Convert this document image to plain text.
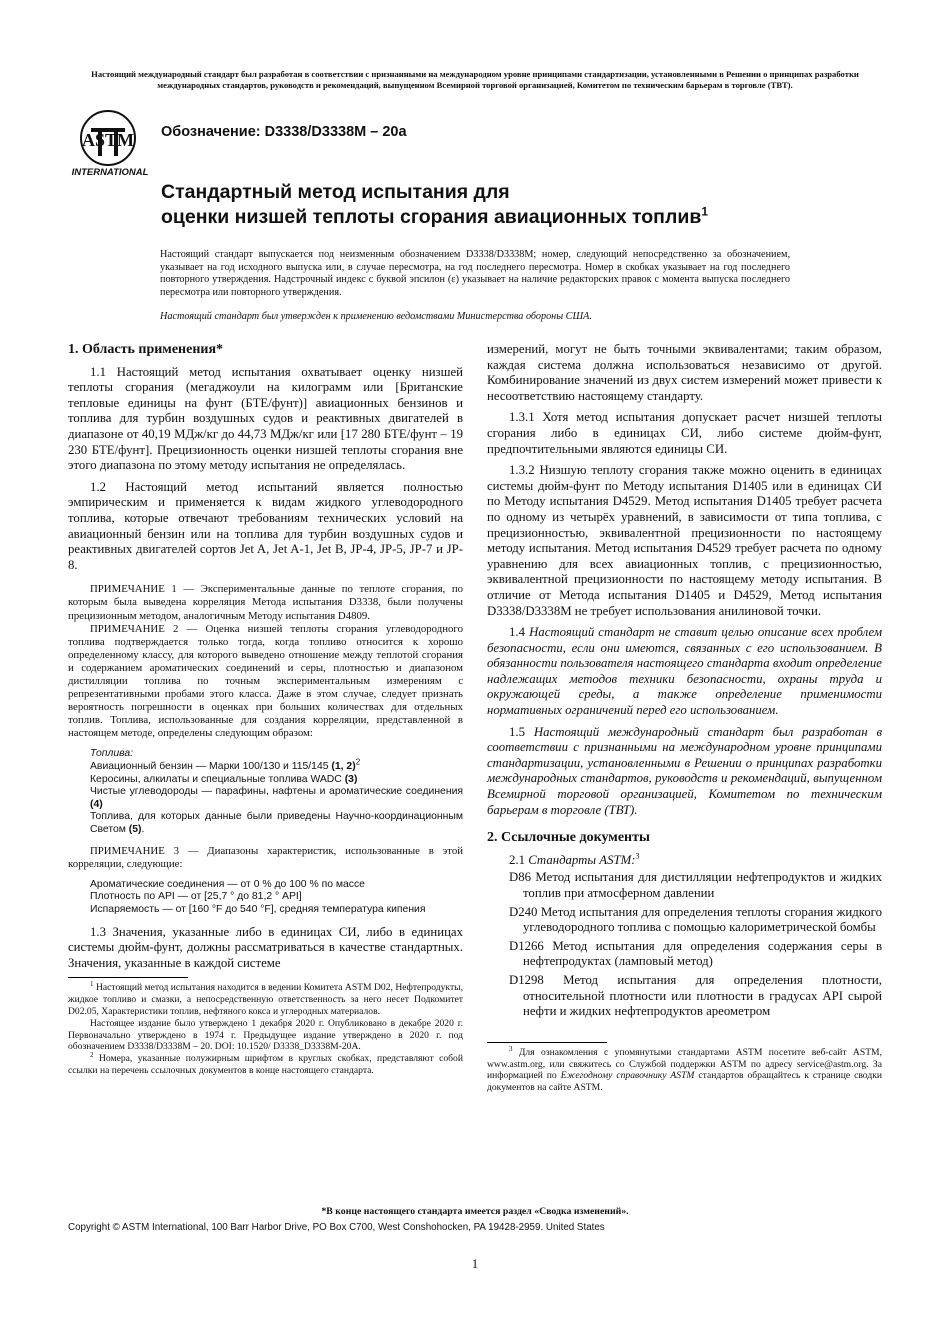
Настоящий международный стандарт был разработан в соответствии с признанными на международном уровне принципами стандартизации, установленными в Решении о принципах разработки международных стандартов, руководств и рекомендаций, выпущенном Всемирной торговой организацией, Комитетом по техническим барьерам в торговле (ТВТ).
ASTM
INTERNATIONAL
Обозначение: D3338/D3338M – 20a
Стандартный метод испытания для
оценки низшей теплоты сгорания авиационных топлив$^1$
Настоящий стандарт выпускается под неизменным обозначением D3338/D3338M; номер, следующий непосредственно за обозначением, указывает на год исходного выпуска или, в случае пересмотра, на год последнего пересмотра. Номер в скобках указывает на год последнего повторного утверждения. Надстрочный индекс с буквой эпсилон (ε) указывает на наличие редакторских правок с момента выпуска последнего пересмотра или повторного утверждения.
Настоящий стандарт был утвержден к применению ведомствами Министерства обороны США.
1. Область применения*
1.1 Настоящий метод испытания охватывает оценку низшей теплоты сгорания (мегаджоули на килограмм или [Британские тепловые единицы на фунт (БТЕ/фунт)] авиационных бензинов и топлива для турбин воздушных судов и реактивных двигателей в диапазоне от 40,19 МДж/кг до 44,73 МДж/кг или [17 280 БТЕ/фунт – 19 230 БТЕ/фунт]. Прецизионность оценки низшей теплоты сгорания вне этого диапазона по этому методу испытания не определялась.
1.2 Настоящий метод испытаний является полностью эмпирическим и применяется к видам жидкого углеводородного топлива, которые отвечают требованиям технических условий на авиационный бензин или на топлива для турбин воздушных судов и реактивных двигателей сортов Jet A, Jet A-1, Jet B, JP-4, JP-5, JP-7 и JP-8.
ПРИМЕЧАНИЕ 1 — Экспериментальные данные по теплоте сгорания, по которым была выведена корреляция Метода испытания D3338, были получены прецизионным методом, аналогичным Методу испытания D4809.
ПРИМЕЧАНИЕ 2 — Оценка низшей теплоты сгорания углеводородного топлива подтверждается только тогда, когда топливо относится к хорошо определенному классу, для которого выведено отношение между теплотой сгорания и содержанием ароматических соединений и серы, плотностью и диапазоном дистилляции топлива по точным экспериментальным измерениям с репрезентативными пробами этого класса. Даже в этом случае, следует признать вероятность погрешности в оценках при больших количествах для отдельных топлив. Топлива, использованные для создания корреляции, представленной в настоящем методе, определены следующим образом:
Топлива:
Авиационный бензин — Марки 100/130 и 115/145 (1, 2)$^2$
Керосины, алкилаты и специальные топлива WADC (3)
Чистые углеводороды — парафины, нафтены и ароматические соединения (4)
Топлива, для которых данные были приведены Научно-координационным Светом (5).
ПРИМЕЧАНИЕ 3 — Диапазоны характеристик, использованные в этой корреляции, следующие:
Ароматические соединения — от 0 % до 100 % по массе
Плотность по API — от [25,7 ° до 81,2 ° API]
Испаряемость — от [160 °F до 540 °F], средняя температура кипения
1.3 Значения, указанные либо в единицах СИ, либо в единицах системы дюйм-фунт, должны рассматриваться в качестве стандартных. Значения, указанные в каждой системе
$^1$ Настоящий метод испытания находится в ведении Комитета ASTM D02, Нефтепродукты, жидкое топливо и смазки, а непосредственную ответственность за него несет Подкомитет D02.05, Характеристики топлив, нефтяного кокса и углеродных материалов.
Настоящее издание было утверждено 1 декабря 2020 г. Опубликовано в декабре 2020 г. Первоначально утверждено в 1974 г. Предыдущее издание утверждено в 2020 г. под обозначением D3338/D3338M – 20. DOI: 10.1520/ D3338_D3338M-20A.
$^2$ Номера, указанные полужирным шрифтом в круглых скобках, представляют собой ссылки на перечень ссылочных документов в конце настоящего стандарта.
измерений, могут не быть точными эквивалентами; таким образом, каждая система должна использоваться независимо от другой. Комбинирование значений из двух систем измерений может привести к несоответствию настоящему стандарту.
1.3.1 Хотя метод испытания допускает расчет низшей теплоты сгорания либо в единицах СИ, либо системе дюйм-фунт, предпочтительными являются единицы СИ.
1.3.2 Низшую теплоту сгорания также можно оценить в единицах системы дюйм-фунт по Методу испытания D1405 или в единицах СИ по Методу испытания D4529. Метод испытания D1405 требует расчета по одному из четырёх уравнений, в зависимости от типа топлива, с прецизионностью, эквивалентной прецизионности по настоящему методу испытания. Метод испытания D4529 требует расчета по одному уравнению для всех авиационных топлив, с прецизионностью, эквивалентной прецизионности по настоящему методу испытания. В отличие от Метода испытания D1405 и D4529, Метод испытания D3338/D3338M не требует использования анилиновой точки.
1.4 Настоящий стандарт не ставит целью описание всех проблем безопасности, если они имеются, связанных с его использованием. В обязанности пользователя настоящего стандарта входит определение надлежащих методов техники безопасности, охраны труда и окружающей среды, а также определение применимости нормативных ограничений перед его использованием.
1.5 Настоящий международный стандарт был разработан в соответствии с признанными на международном уровне принципами стандартизации, установленными в Решении о принципах разработки международных стандартов, руководств и рекомендаций, выпущенном Всемирной торговой организацией, Комитетом по техническим барьерам в торговле (ТВТ).
2. Ссылочные документы
2.1 Стандарты ASTM:$^3$
D86 Метод испытания для дистилляции нефтепродуктов и жидких топлив при атмосферном давлении
D240 Метод испытания для определения теплоты сгорания жидкого углеводородного топлива с помощью калориметрической бомбы
D1266 Метод испытания для определения содержания серы в нефтепродуктах (ламповый метод)
D1298 Метод испытания для определения плотности, относительной плотности или плотности в градусах API сырой нефти и жидких нефтепродуктов ареометром
$^3$ Для ознакомления с упомянутыми стандартами ASTM посетите веб-сайт ASTM, www.astm.org, или свяжитесь со Службой поддержки ASTM по адресу service@astm.org. За информацией по Ежегодному справочнику ASTM стандартов обращайтесь к странице сводки документов на сайте ASTM.
*В конце настоящего стандарта имеется раздел «Сводка изменений».
Copyright © ASTM International, 100 Barr Harbor Drive, PO Box C700, West Conshohocken, PA 19428-2959. United States
1
